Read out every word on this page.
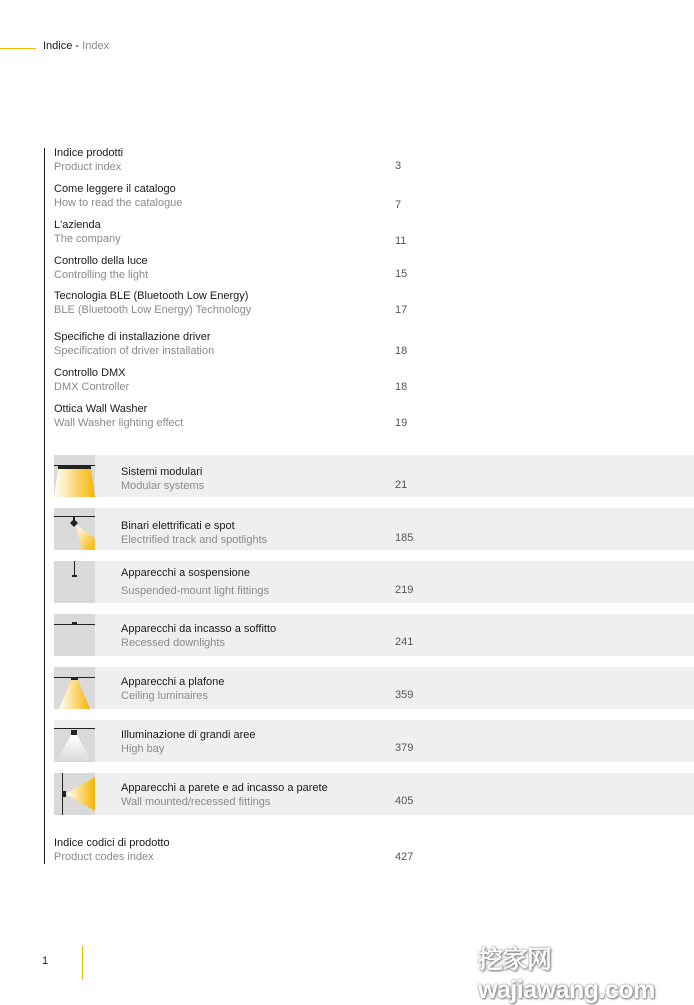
Indice - Index
Indice prodotti
Product index	3
Come leggere il catalogo
How to read the catalogue	7
L'azienda
The company	11
Controllo della luce
Controlling the light	15
Tecnologia BLE (Bluetooth Low Energy)
BLE (Bluetooth Low Energy) Technology	17
Specifiche di installazione driver
Specification of driver installation	18
Controllo DMX
DMX Controller	18
Ottica Wall Washer
Wall Washer lighting effect	19
Sistemi modulari
Modular systems	21
Binari elettrificati e spot
Electrified track and spotlights	185
Apparecchi a sospensione
Suspended-mount light fittings	219
Apparecchi da incasso a soffitto
Recessed downlights	241
Apparecchi a plafone
Ceiling luminaires	359
Illuminazione di grandi aree
High bay	379
Apparecchi a parete e ad incasso a parete
Wall mounted/recessed fittings	405
Indice codici di prodotto
Product codes index	427
1	挖家网 wajiawang.com
